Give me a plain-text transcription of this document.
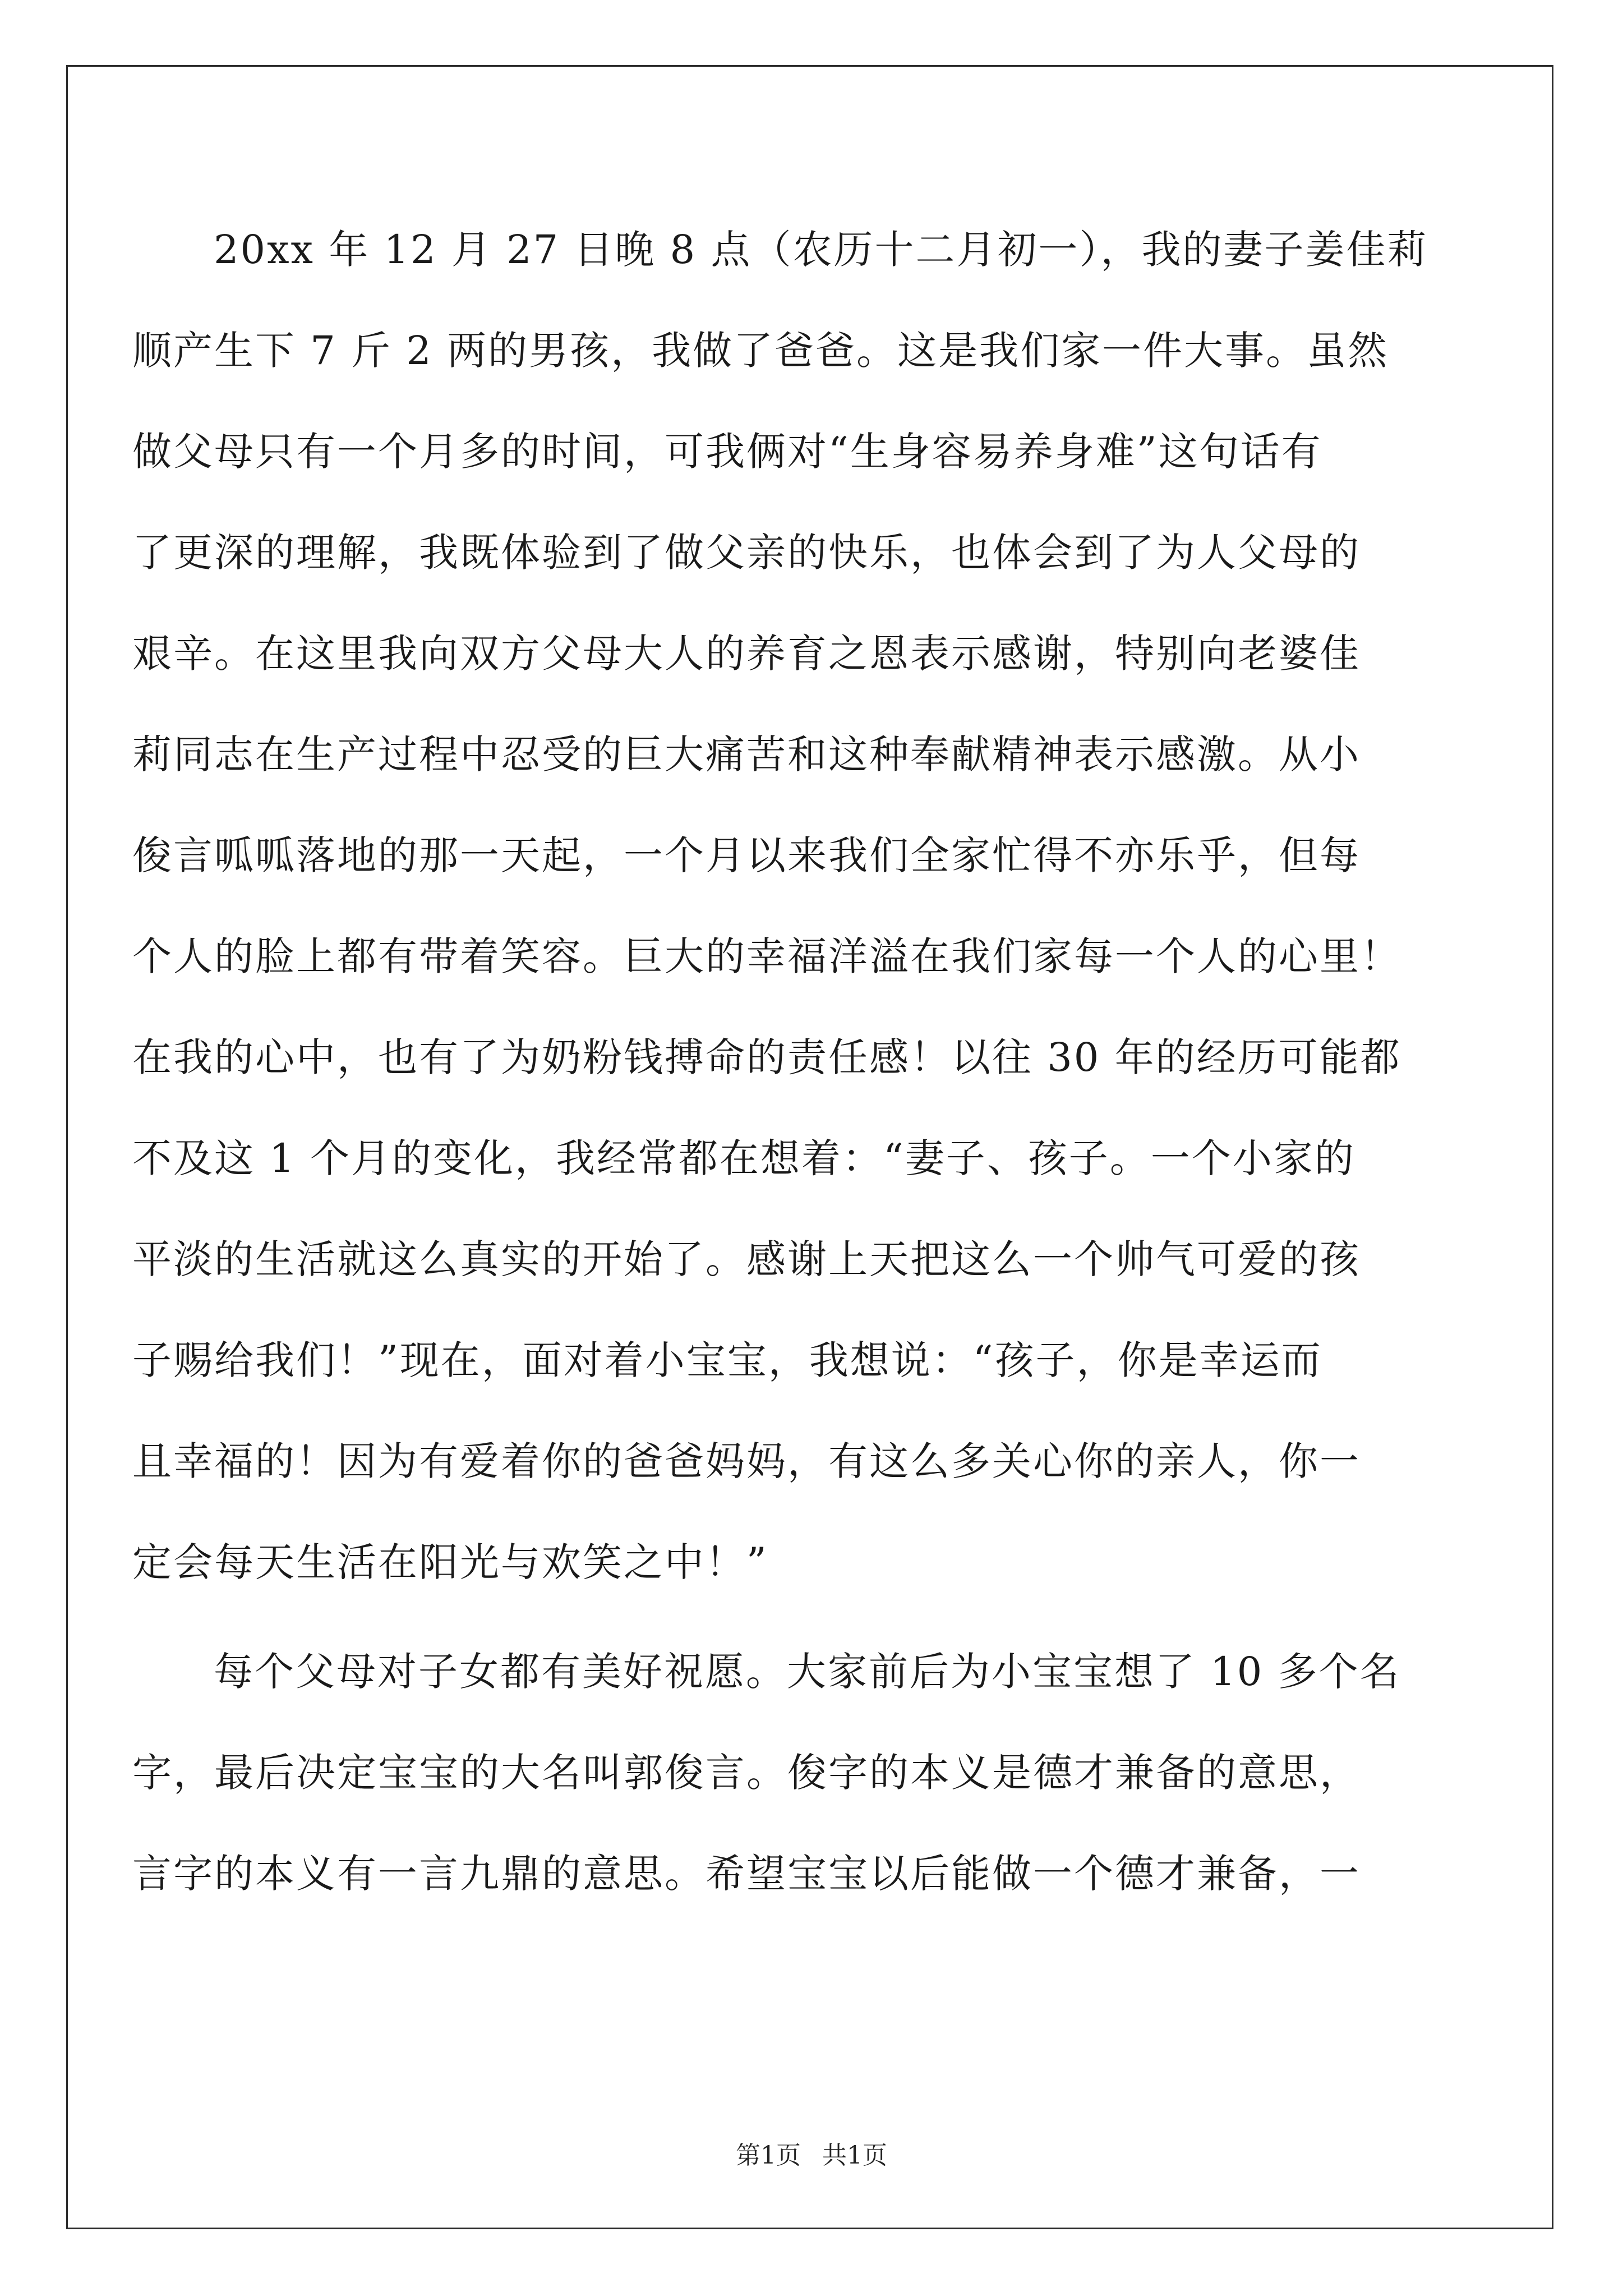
20xx 年 12 月 27 日晚 8 点（农历十二月初一），我的妻子姜佳莉
顺产生下 7 斤 2 两的男孩，我做了爸爸。这是我们家一件大事。虽然
做父母只有一个月多的时间，可我俩对“生身容易养身难”这句话有
了更深的理解，我既体验到了做父亲的快乐，也体会到了为人父母的
艰辛。在这里我向双方父母大人的养育之恩表示感谢，特别向老婆佳
莉同志在生产过程中忍受的巨大痛苦和这种奉献精神表示感激。从小
俊言呱呱落地的那一天起，一个月以来我们全家忙得不亦乐乎，但每
个人的脸上都有带着笑容。巨大的幸福洋溢在我们家每一个人的心里！
在我的心中，也有了为奶粉钱搏命的责任感！以往 30 年的经历可能都
不及这 1 个月的变化，我经常都在想着：“妻子、孩子。一个小家的
平淡的生活就这么真实的开始了。感谢上天把这么一个帅气可爱的孩
子赐给我们！”现在，面对着小宝宝，我想说：“孩子，你是幸运而
且幸福的！因为有爱着你的爸爸妈妈，有这么多关心你的亲人，你一
定会每天生活在阳光与欢笑之中！”
每个父母对子女都有美好祝愿。大家前后为小宝宝想了 10 多个名
字，最后决定宝宝的大名叫郭俊言。俊字的本义是德才兼备的意思，
言字的本义有一言九鼎的意思。希望宝宝以后能做一个德才兼备，一
第1页 共1页
